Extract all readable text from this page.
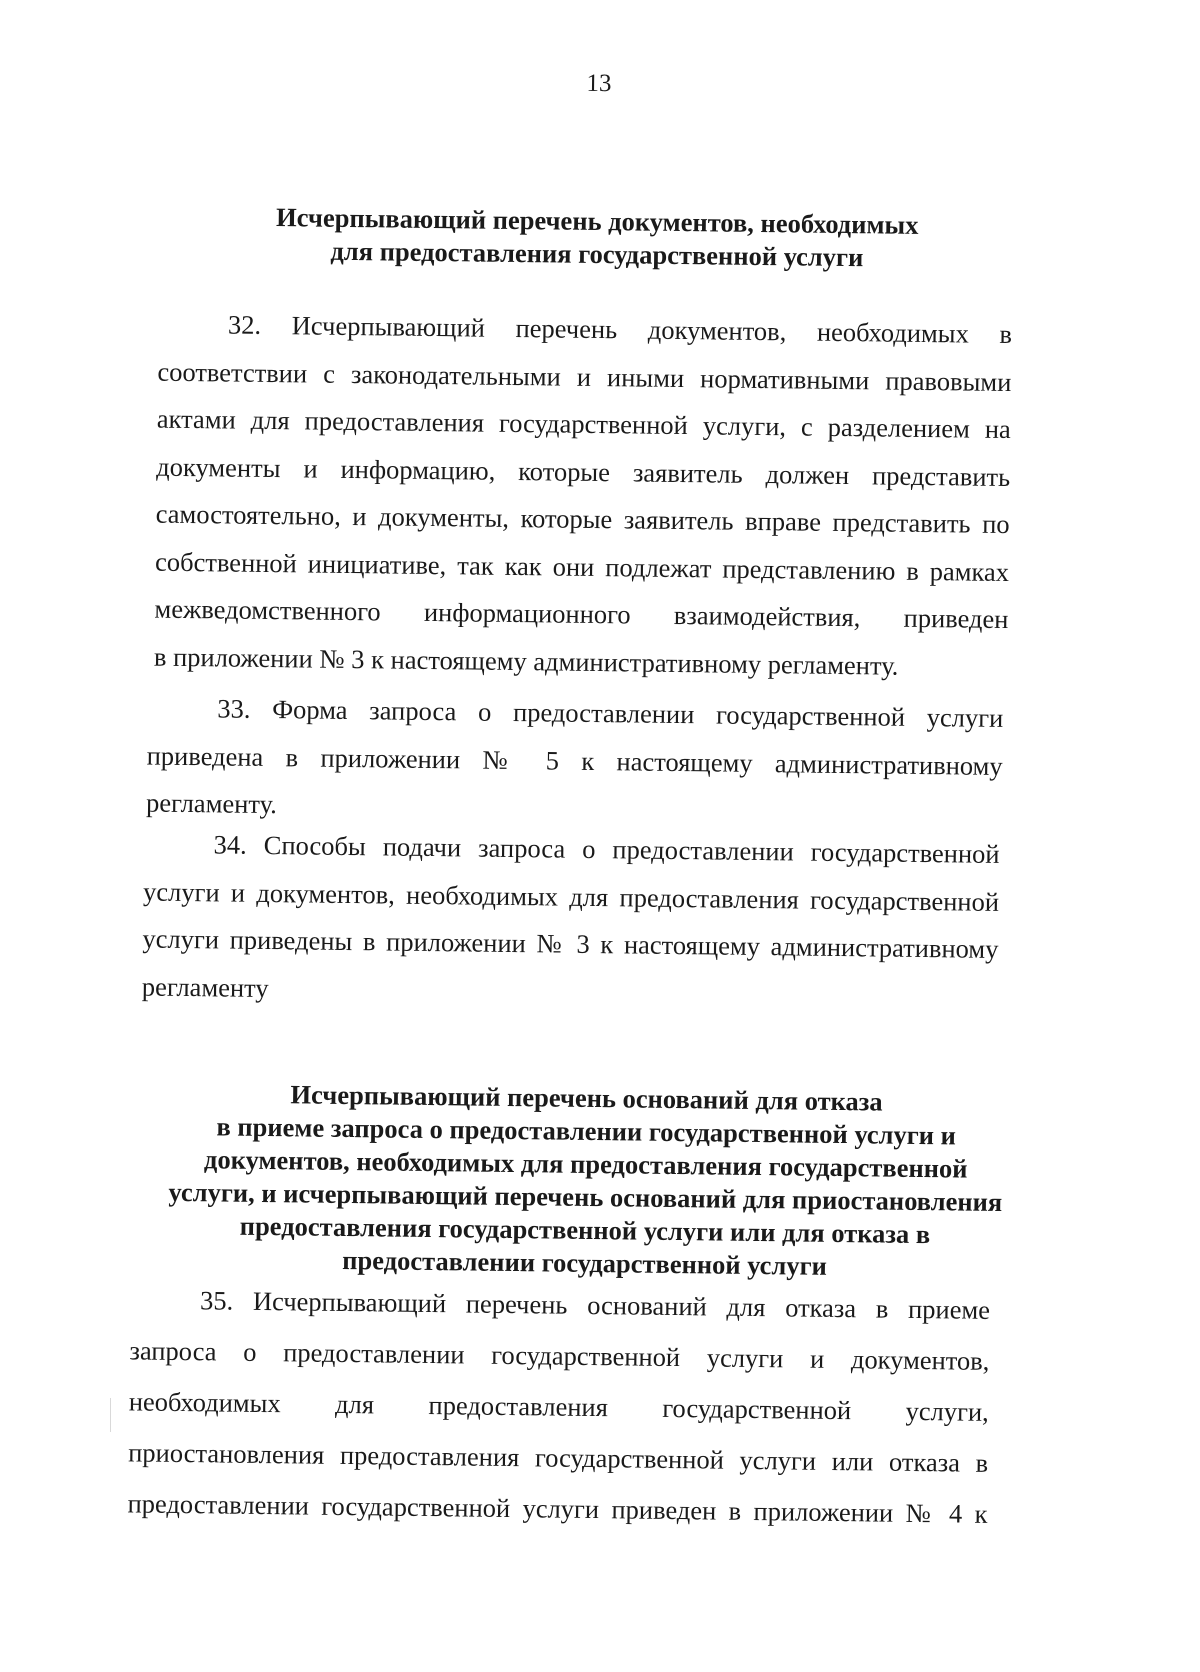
13

Исчерпывающий перечень документов, необходимых
для предоставления государственной услуги

32. Исчерпывающий перечень документов, необходимых в
соответствии с законодательными и иными нормативными правовыми
актами для предоставления государственной услуги, с разделением на
документы и информацию, которые заявитель должен представить
самостоятельно, и документы, которые заявитель вправе представить по
собственной инициативе, так как они подлежат представлению в рамках
межведомственного информационного взаимодействия, приведен
в приложении № 3 к настоящему административному регламенту.

33. Форма запроса о предоставлении государственной услуги
приведена в приложении № 5 к настоящему административному
регламенту.

34. Способы подачи запроса о предоставлении государственной
услуги и документов, необходимых для предоставления государственной
услуги приведены в приложении № 3 к настоящему административному
регламенту

Исчерпывающий перечень оснований для отказа
в приеме запроса о предоставлении государственной услуги и
документов, необходимых для предоставления государственной
услуги, и исчерпывающий перечень оснований для приостановления
предоставления государственной услуги или для отказа в
предоставлении государственной услуги

35. Исчерпывающий перечень оснований для отказа в приеме
запроса о предоставлении государственной услуги и документов,
необходимых для предоставления государственной услуги,
приостановления предоставления государственной услуги или отказа в
предоставлении государственной услуги приведен в приложении № 4 к
